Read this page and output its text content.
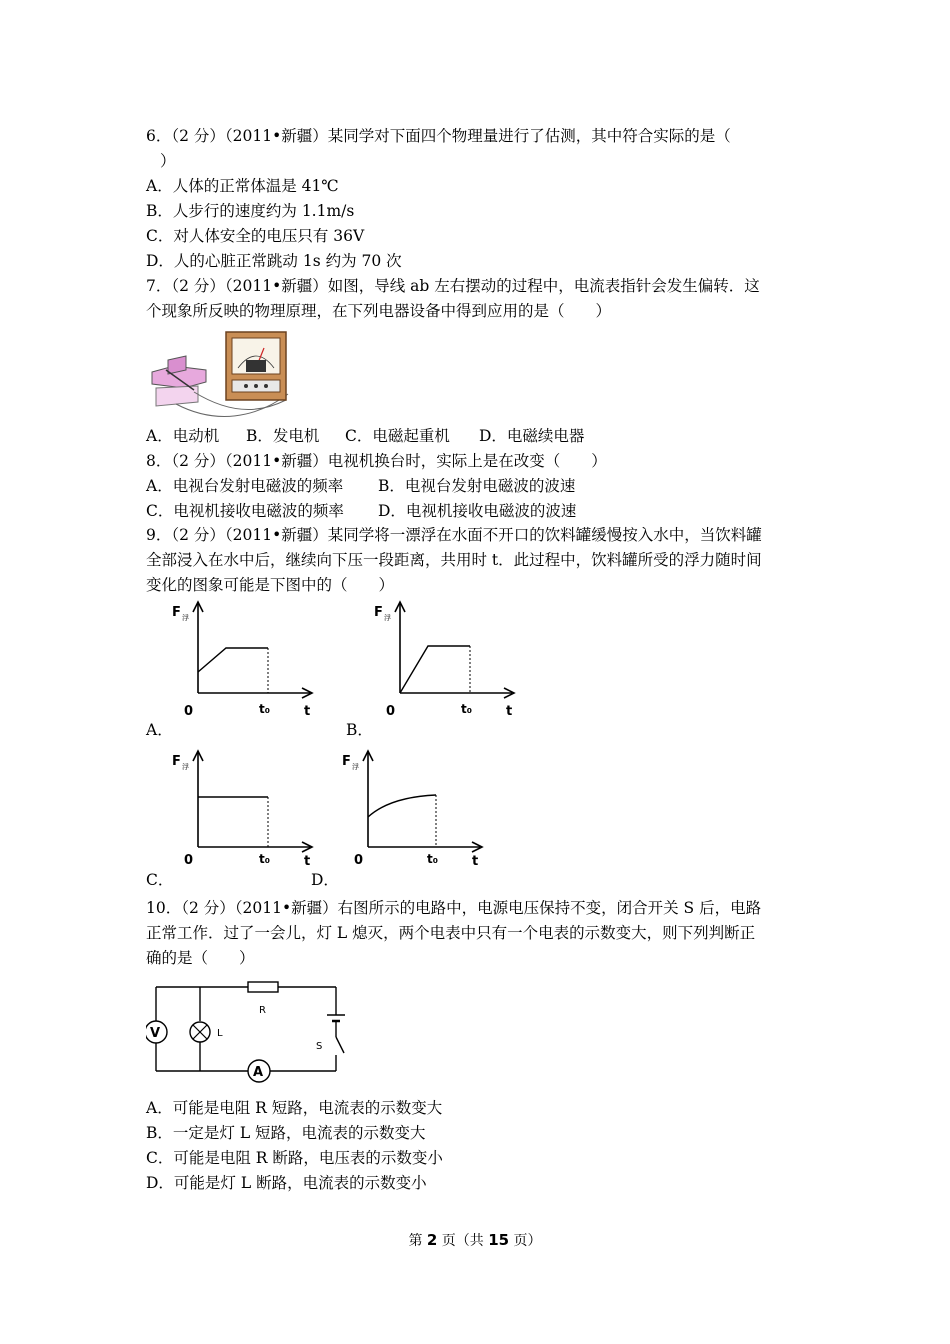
6．（2 分）（2011•新疆）某同学对下面四个物理量进行了估测，其中符合实际的是（
）
A．人体的正常体温是 41℃
B．人步行的速度约为 1.1m/s
C．对人体安全的电压只有 36V
D．人的心脏正常跳动 1s 约为 70 次
7．（2 分）（2011•新疆）如图，导线 ab 左右摆动的过程中，电流表指针会发生偏转．这
个现象所反映的物理原理，在下列电器设备中得到应用的是（　　）
A．电动机 B．发电机 C．电磁起重机 D．电磁续电器
8．（2 分）（2011•新疆）电视机换台时，实际上是在改变（　　）
A．电视台发射电磁波的频率 B．电视台发射电磁波的波速
C．电视机接收电磁波的频率 D．电视机接收电磁波的波速
9．（2 分）（2011•新疆）某同学将一漂浮在水面不开口的饮料罐缓慢按入水中，当饮料罐
全部浸入在水中后，继续向下压一段距离，共用时 t．此过程中，饮料罐所受的浮力随时间
变化的图象可能是下图中的（　　）
F 浮
0	t₀	t
A．
F 浮
0	t₀	t
B．
F 浮
0	t₀	t
C．
F 浮
0	t₀	t
D．
10．（2 分）（2011•新疆）右图所示的电路中，电源电压保持不变，闭合开关 S 后，电路
正常工作．过了一会儿，灯 L 熄灭，两个电表中只有一个电表的示数变大，则下列判断正
确的是（　　）
R
V	L
A
S
A．可能是电阻 R 短路，电流表的示数变大
B．一定是灯 L 短路，电流表的示数变大
C．可能是电阻 R 断路，电压表的示数变小
D．可能是灯 L 断路，电流表的示数变小
第 2 页（共 15 页）
